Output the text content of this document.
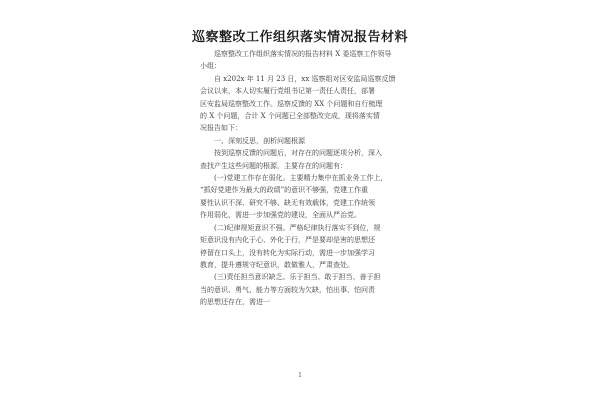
巡察整改工作组织落实情况报告材料
巡察整改工作组织落实情况的报告材料 X 委巡察工作领导
小组：
自 x202x 年 11 月 23 日，xx 巡察组对区安监局巡察反馈
会议以来，本人切实履行党组书记第一责任人责任，部署
区安监局巡察整改工作。巡察反馈的 XX 个问题和自行梳理
的 X 个问题，合计 X 个问题已全部整改完成，现将落实情
况报告如下：
一、深刻反思，剖析问题根源
按到巡察反馈的问题后，对存在的问题逐项分析，深入
查找产生这些问题的根源，主要存在的问题有：
(一)党建工作存在弱化。主要精力集中在抓业务工作上，
“抓好党建作为最大的政绩”的意识不够强，党建工作重
要性认识不深、研究不够、缺无有效载体，党建工作统领
作用弱化，需进一步加强党的建设，全面从严治党。
(二)纪律规矩意识不强。严格纪律执行落实不到位，规
矩意识没有内化于心、外化于行，严是要却是害的思想还
停留在口头上，没有转化为实际行动，需进一步加强学习
教育，提升遵规守纪意识，敢做雅人，严肃查处。
(三)责任担当意识缺乏。乐于担当、敢于担当、善于担
当的意识、勇气、能力等方面较为欠缺，怕出事、怕问责
的思想还存在，需进一
1
